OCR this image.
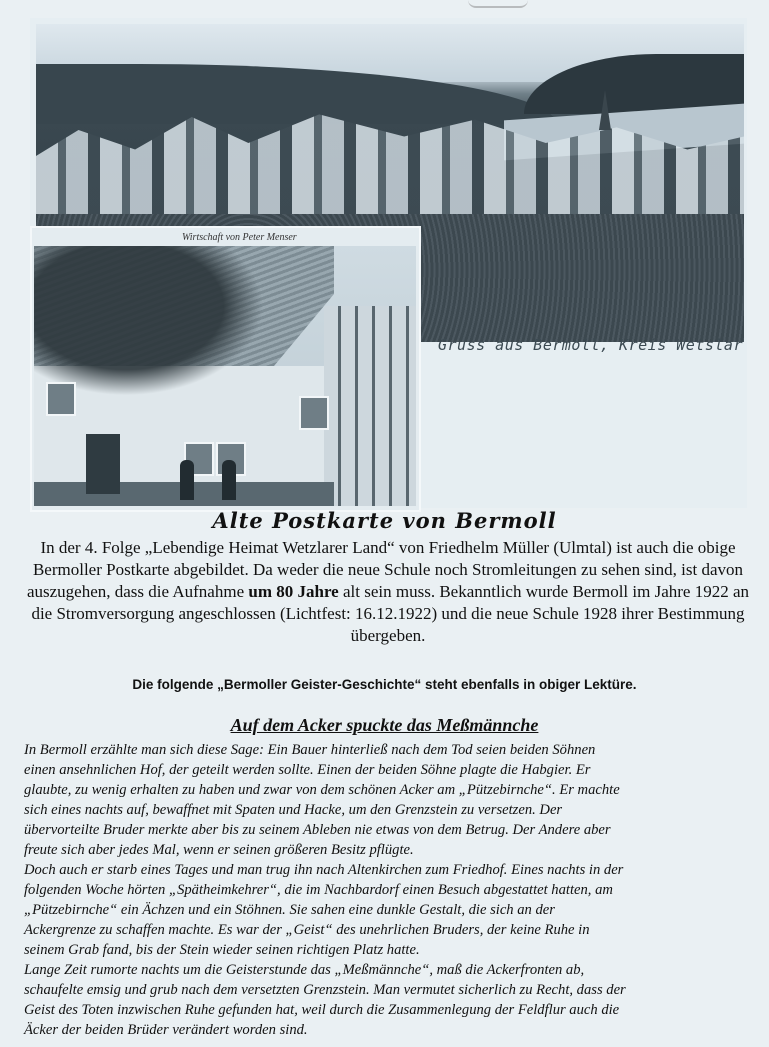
Wirtschaft von Peter Menser
Gruss aus Bermoll, Kreis Wetslar
Alte Postkarte von Bermoll
In der 4. Folge „Lebendige Heimat Wetzlarer Land“ von Friedhelm Müller (Ulmtal) ist auch die obige Bermoller Postkarte abgebildet. Da weder die neue Schule noch Stromleitungen zu sehen sind, ist davon auszugehen, dass die Aufnahme um 80 Jahre alt sein muss. Bekanntlich wurde Bermoll im Jahre 1922 an die Stromversorgung angeschlossen (Lichtfest: 16.12.1922) und die neue Schule 1928 ihrer Bestimmung übergeben.
Die folgende „Bermoller Geister-Geschichte“ steht ebenfalls in obiger Lektüre.
Auf dem Acker spuckte das Meßmännche
In Bermoll erzählte man sich diese Sage: Ein Bauer hinterließ nach dem Tod seien beiden Söhnen
einen ansehnlichen Hof, der geteilt werden sollte. Einen der beiden Söhne plagte die Habgier. Er
glaubte, zu wenig erhalten zu haben und zwar von dem schönen Acker am „Pützebirnche“. Er machte
sich eines nachts auf, bewaffnet mit Spaten und Hacke, um den Grenzstein zu versetzen. Der
übervorteilte Bruder merkte aber bis zu seinem Ableben nie etwas von dem Betrug. Der Andere aber
freute sich aber jedes Mal, wenn er seinen größeren Besitz pflügte.
Doch auch er starb eines Tages und man trug ihn nach Altenkirchen zum Friedhof. Eines nachts in der
folgenden Woche hörten „Spätheimkehrer“, die im Nachbardorf einen Besuch abgestattet hatten, am
„Pützebirnche“ ein Ächzen und ein Stöhnen. Sie sahen eine dunkle Gestalt, die sich an der
Ackergrenze zu schaffen machte. Es war der „Geist“ des unehrlichen Bruders, der keine Ruhe in
seinem Grab fand, bis der Stein wieder seinen richtigen Platz hatte.
Lange Zeit rumorte nachts um die Geisterstunde das „Meßmännche“, maß die Ackerfronten ab,
schaufelte emsig und grub nach dem versetzten Grenzstein. Man vermutet sicherlich zu Recht, dass der
Geist des Toten inzwischen Ruhe gefunden hat, weil durch die Zusammenlegung der Feldflur auch die
Äcker der beiden Brüder verändert worden sind.
